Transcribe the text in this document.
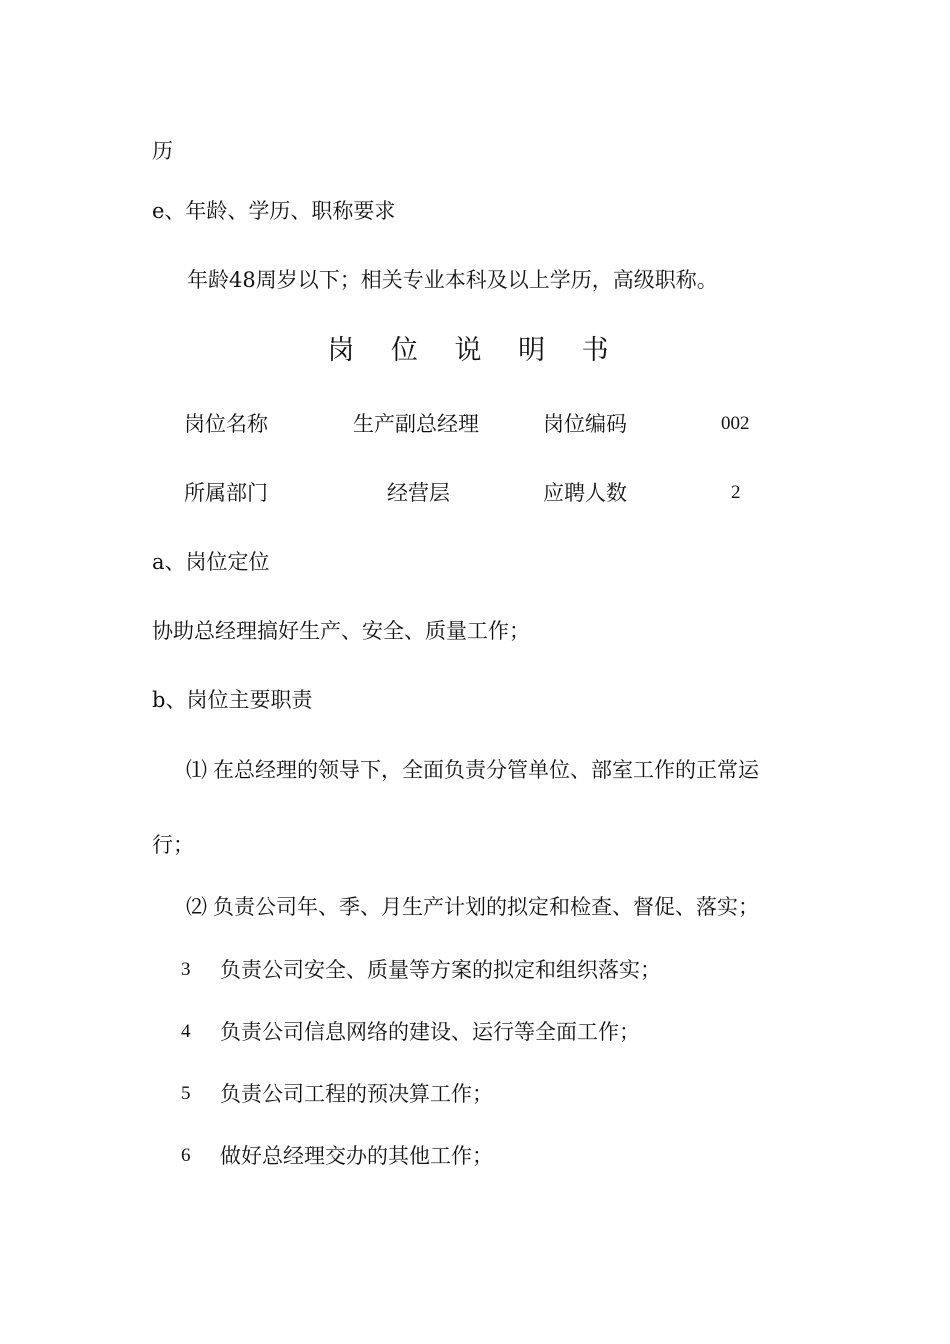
历
e、年龄、学历、职称要求
年龄48周岁以下；相关专业本科及以上学历，高级职称。
岗 位 说 明 书
岗位名称	生产副总经理	岗位编码	002
所属部门	经营层	应聘人数	2
a、岗位定位
协助总经理搞好生产、安全、质量工作；
b、岗位主要职责
⑴ 在总经理的领导下，全面负责分管单位、部室工作的正常运
行；
⑵ 负责公司年、季、月生产计划的拟定和检查、督促、落实；
3 负责公司安全、质量等方案的拟定和组织落实；
4 负责公司信息网络的建设、运行等全面工作；
5 负责公司工程的预决算工作；
6 做好总经理交办的其他工作；
